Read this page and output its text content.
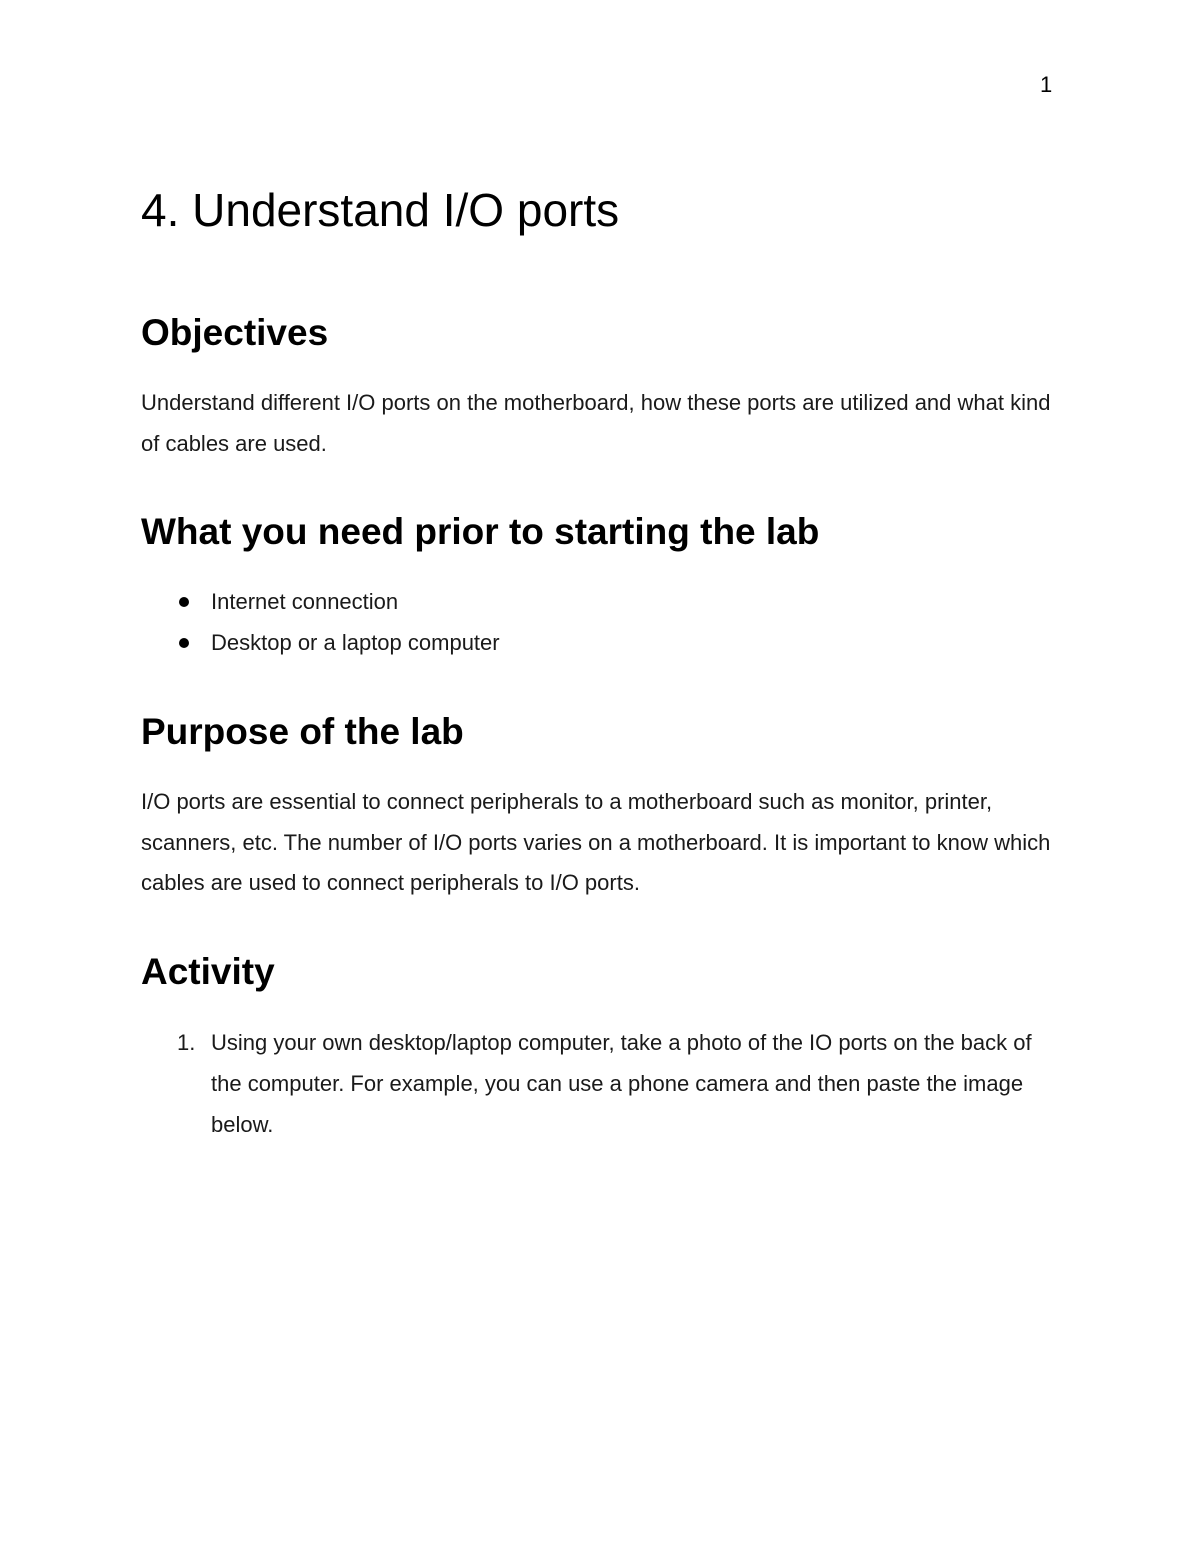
1
4. Understand I/O ports
Objectives

Understand different I/O ports on the motherboard, how these ports are utilized and what kind of cables are used.

What you need prior to starting the lab
Internet connection
Desktop or a laptop computer
Purpose of the lab

I/O ports are essential to connect peripherals to a motherboard such as monitor, printer, scanners, etc. The number of I/O ports varies on a motherboard. It is important to know which cables are used to connect peripherals to I/O ports.

Activity
1. Using your own desktop/laptop computer, take a photo of the IO ports on the back of the computer. For example, you can use a phone camera and then paste the image below.
